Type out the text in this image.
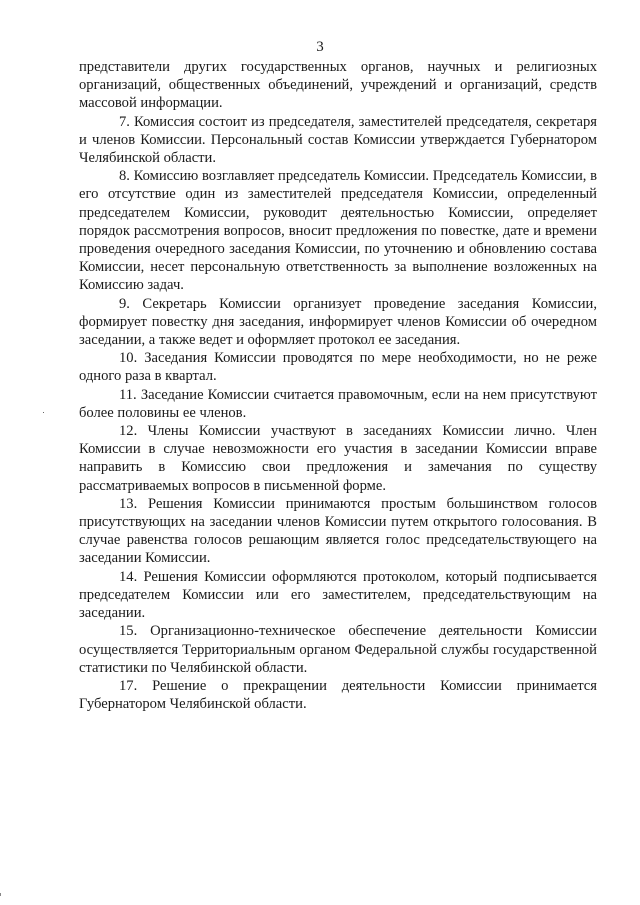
3

представители других государственных органов, научных и религиозных организаций, общественных объединений, учреждений и организаций, средств массовой информации.

7. Комиссия состоит из председателя, заместителей председателя, секретаря и членов Комиссии. Персональный состав Комиссии утверждается Губернатором Челябинской области.

8. Комиссию возглавляет председатель Комиссии. Председатель Комиссии, в его отсутствие один из заместителей председателя Комиссии, определенный председателем Комиссии, руководит деятельностью Комиссии, определяет порядок рассмотрения вопросов, вносит предложения по повестке, дате и времени проведения очередного заседания Комиссии, по уточнению и обновлению состава Комиссии, несет персональную ответственность за выполнение возложенных на Комиссию задач.

9. Секретарь Комиссии организует проведение заседания Комиссии, формирует повестку дня заседания, информирует членов Комиссии об очередном заседании, а также ведет и оформляет протокол ее заседания.

10. Заседания Комиссии проводятся по мере необходимости, но не реже одного раза в квартал.

11. Заседание Комиссии считается правомочным, если на нем присутствуют более половины ее членов.

12. Члены Комиссии участвуют в заседаниях Комиссии лично. Член Комиссии в случае невозможности его участия в заседании Комиссии вправе направить в Комиссию свои предложения и замечания по существу рассматриваемых вопросов в письменной форме.

13. Решения Комиссии принимаются простым большинством голосов присутствующих на заседании членов Комиссии путем открытого голосования. В случае равенства голосов решающим является голос председательствующего на заседании Комиссии.

14. Решения Комиссии оформляются протоколом, который подписывается председателем Комиссии или его заместителем, председательствующим на заседании.

15. Организационно-техническое обеспечение деятельности Комиссии осуществляется Территориальным органом Федеральной службы государственной статистики по Челябинской области.

17. Решение о прекращении деятельности Комиссии принимается Губернатором Челябинской области.
